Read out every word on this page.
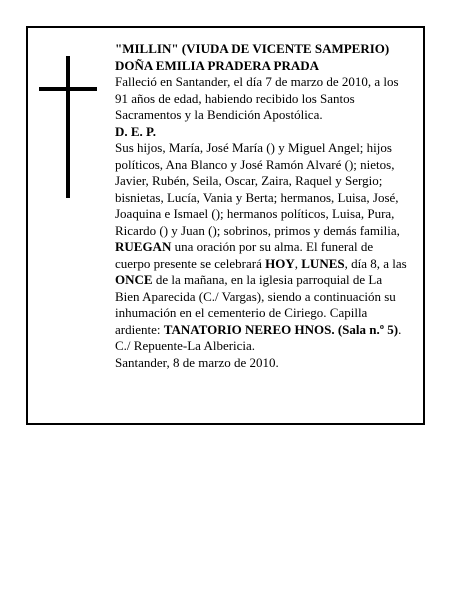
"MILLIN" (VIUDA DE VICENTE SAMPERIO)
DOÑA EMILIA PRADERA PRADA
Falleció en Santander, el día 7 de marzo de 2010, a los
91 años de edad, habiendo recibido los Santos
Sacramentos y la Bendición Apostólica.
D. E. P.
Sus hijos, María, José María () y Miguel Angel; hijos
políticos, Ana Blanco y José Ramón Alvaré (); nietos,
Javier, Rubén, Seila, Oscar, Zaira, Raquel y Sergio;
bisnietas, Lucía, Vania y Berta; hermanos, Luisa, José,
Joaquina e Ismael (); hermanos políticos, Luisa, Pura,
Ricardo () y Juan (); sobrinos, primos y demás familia,
RUEGAN una oración por su alma. El funeral de
cuerpo presente se celebrará HOY, LUNES, día 8, a las
ONCE de la mañana, en la iglesia parroquial de La
Bien Aparecida (C./ Vargas), siendo a continuación su
inhumación en el cementerio de Ciriego. Capilla
ardiente: TANATORIO NEREO HNOS. (Sala n.º 5).
C./ Repuente-La Albericia.
Santander, 8 de marzo de 2010.
